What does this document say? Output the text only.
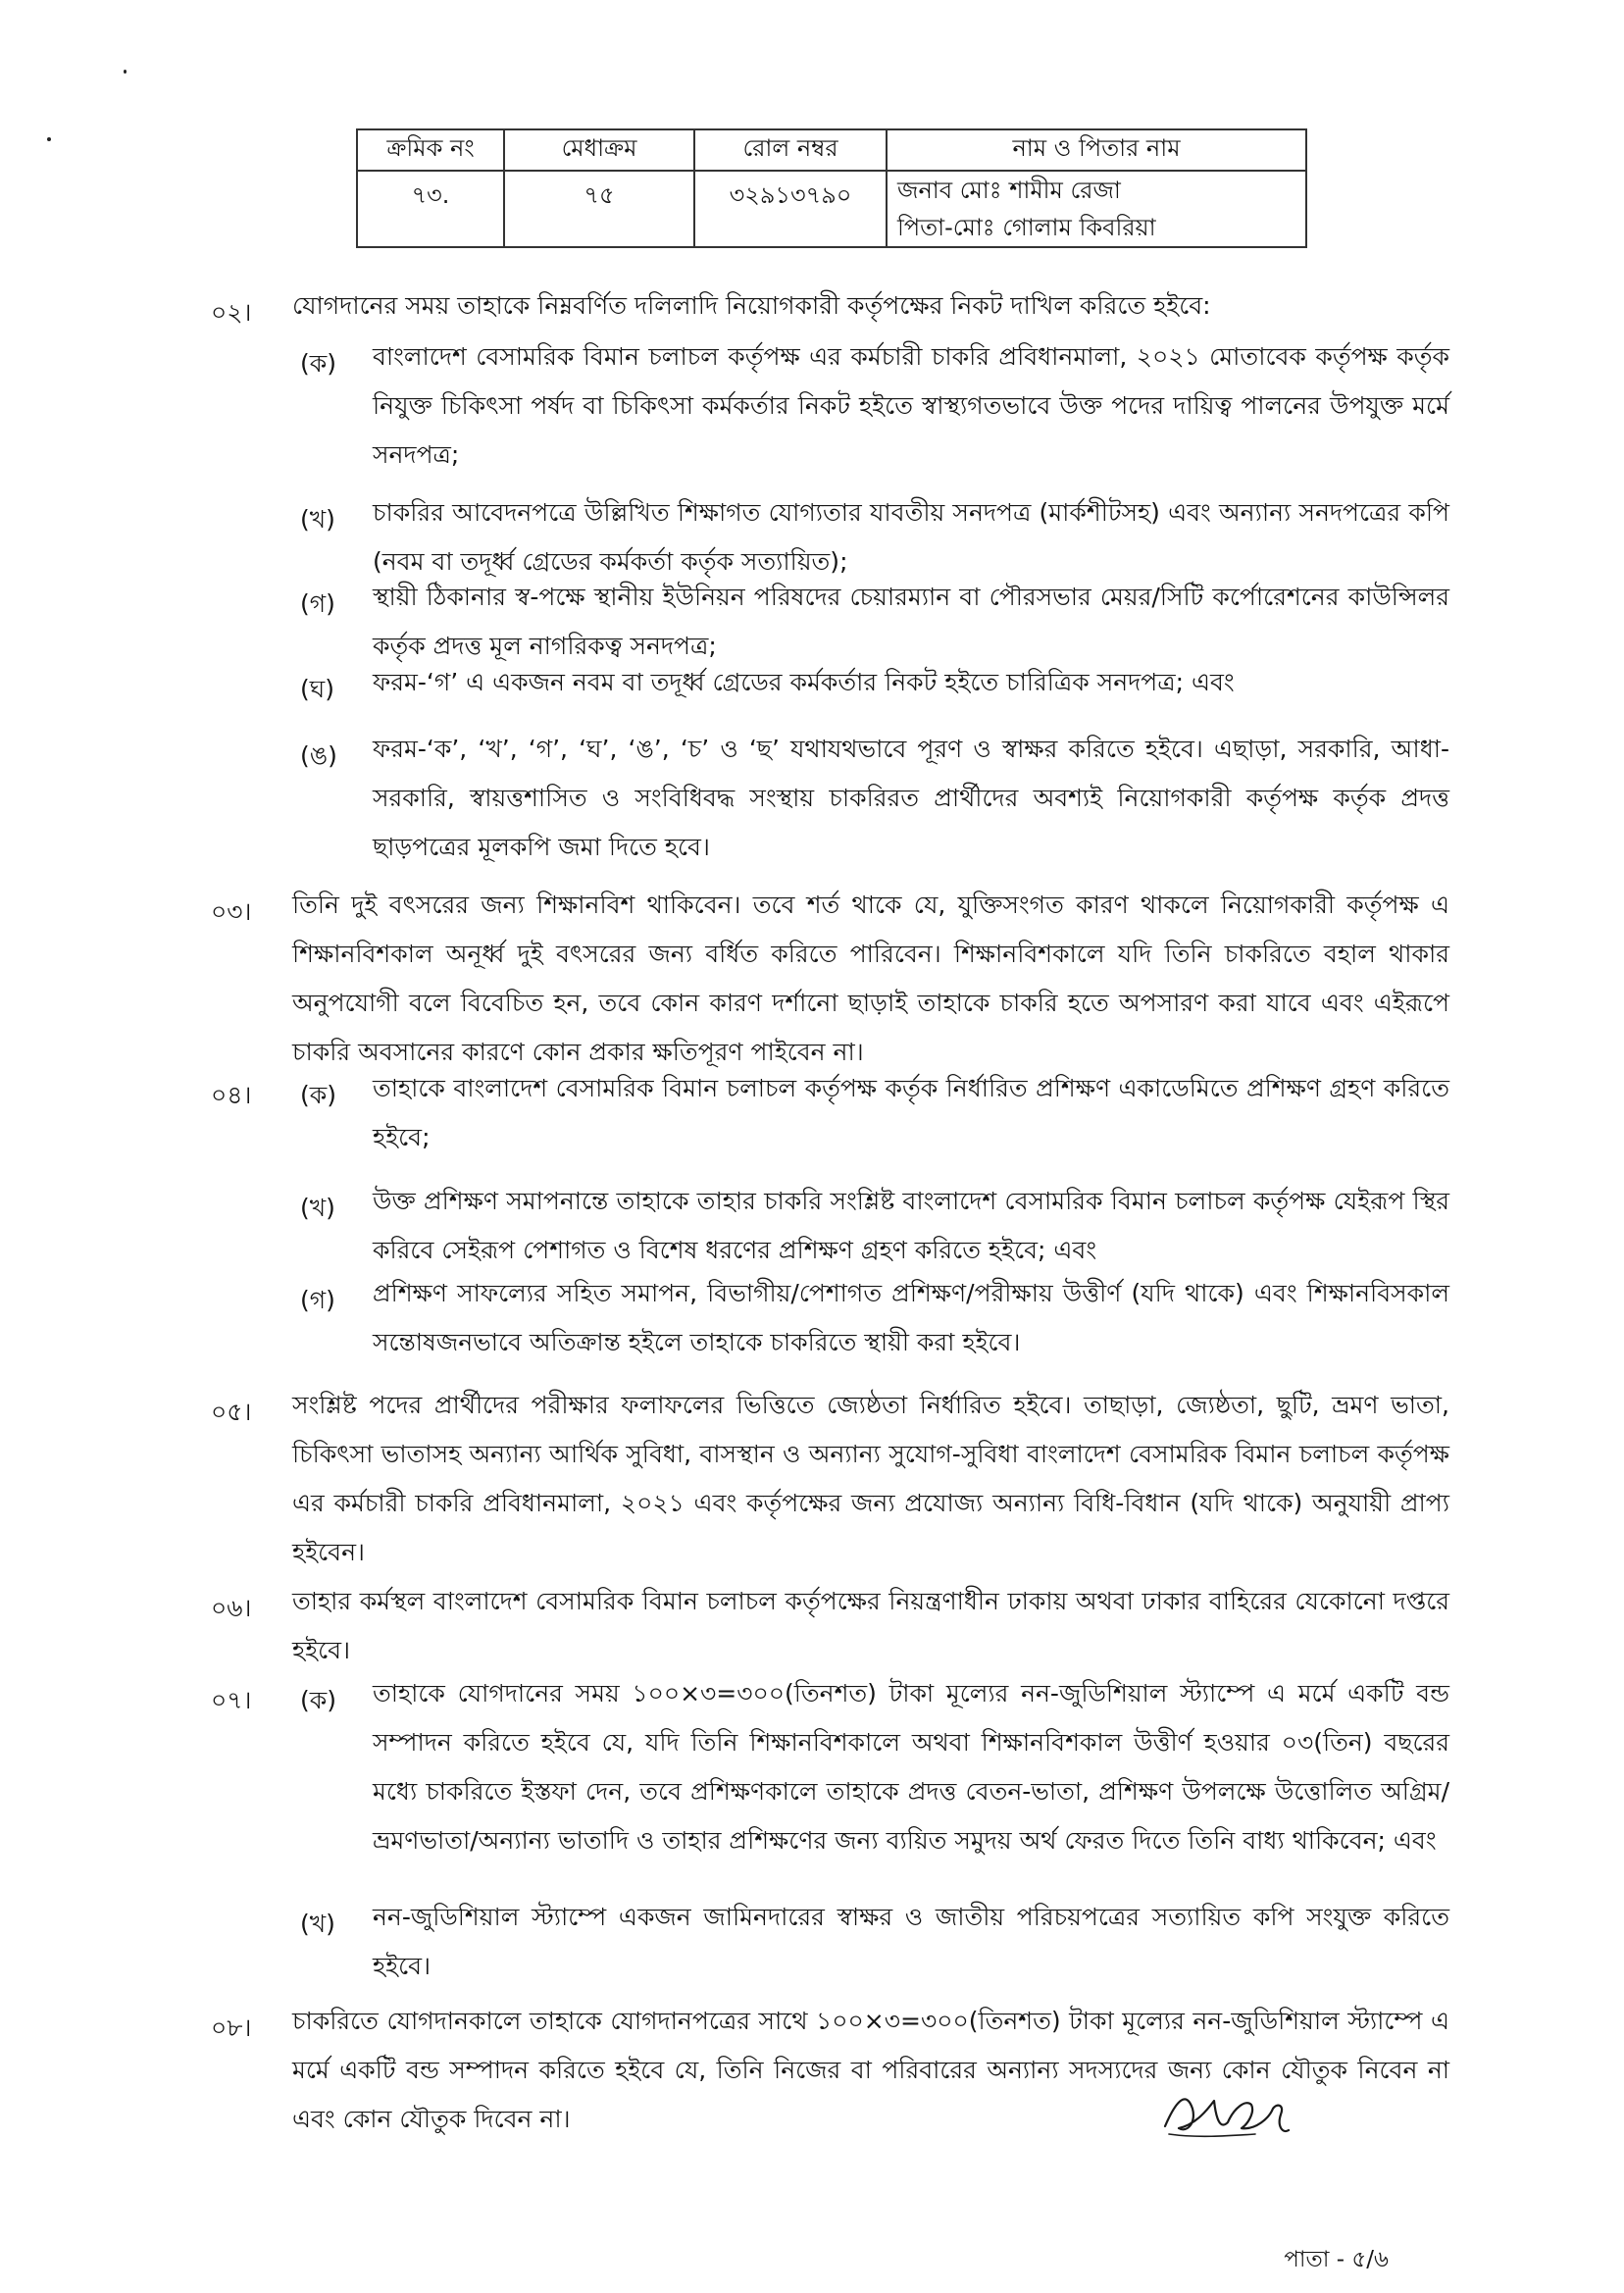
ক্রমিক নং	মেধাক্রম	রোল নম্বর	নাম ও পিতার নাম
৭৩.	৭৫	৩২৯১৩৭৯০	জনাব মোঃ শামীম রেজা
পিতা-মোঃ গোলাম কিবরিয়া
০২। যোগদানের সময় তাহাকে নিম্নবর্ণিত দলিলাদি নিয়োগকারী কর্তৃপক্ষের নিকট দাখিল করিতে হইবে:

(ক) বাংলাদেশ বেসামরিক বিমান চলাচল কর্তৃপক্ষ এর কর্মচারী চাকরি প্রবিধানমালা, ২০২১ মোতাবেক কর্তৃপক্ষ কর্তৃক নিযুক্ত চিকিৎসা পর্ষদ বা চিকিৎসা কর্মকর্তার নিকট হইতে স্বাস্থ্যগতভাবে উক্ত পদের দায়িত্ব পালনের উপযুক্ত মর্মে সনদপত্র;

(খ) চাকরির আবেদনপত্রে উল্লিখিত শিক্ষাগত যোগ্যতার যাবতীয় সনদপত্র (মার্কশীটসহ) এবং অন্যান্য সনদপত্রের কপি (নবম বা তদূর্ধ্ব গ্রেডের কর্মকর্তা কর্তৃক সত্যায়িত);

(গ) স্থায়ী ঠিকানার স্ব-পক্ষে স্থানীয় ইউনিয়ন পরিষদের চেয়ারম্যান বা পৌরসভার মেয়র/সিটি কর্পোরেশনের কাউন্সিলর কর্তৃক প্রদত্ত মূল নাগরিকত্ব সনদপত্র;

(ঘ) ফরম-‘গ’ এ একজন নবম বা তদূর্ধ্ব গ্রেডের কর্মকর্তার নিকট হইতে চারিত্রিক সনদপত্র; এবং

(ঙ) ফরম-‘ক’, ‘খ’, ‘গ’, ‘ঘ’, ‘ঙ’, ‘চ’ ও ‘ছ’ যথাযথভাবে পূরণ ও স্বাক্ষর করিতে হইবে। এছাড়া, সরকারি, আধা-সরকারি, স্বায়ত্তশাসিত ও সংবিধিবদ্ধ সংস্থায় চাকরিরত প্রার্থীদের অবশ্যই নিয়োগকারী কর্তৃপক্ষ কর্তৃক প্রদত্ত ছাড়পত্রের মূলকপি জমা দিতে হবে।

০৩। তিনি দুই বৎসরের জন্য শিক্ষানবিশ থাকিবেন। তবে শর্ত থাকে যে, যুক্তিসংগত কারণ থাকলে নিয়োগকারী কর্তৃপক্ষ এ শিক্ষানবিশকাল অনূর্ধ্ব দুই বৎসরের জন্য বর্ধিত করিতে পারিবেন। শিক্ষানবিশকালে যদি তিনি চাকরিতে বহাল থাকার অনুপযোগী বলে বিবেচিত হন, তবে কোন কারণ দর্শানো ছাড়াই তাহাকে চাকরি হতে অপসারণ করা যাবে এবং এইরূপে চাকরি অবসানের কারণে কোন প্রকার ক্ষতিপূরণ পাইবেন না।

০৪। (ক) তাহাকে বাংলাদেশ বেসামরিক বিমান চলাচল কর্তৃপক্ষ কর্তৃক নির্ধারিত প্রশিক্ষণ একাডেমিতে প্রশিক্ষণ গ্রহণ করিতে হইবে;

(খ) উক্ত প্রশিক্ষণ সমাপনান্তে তাহাকে তাহার চাকরি সংশ্লিষ্ট বাংলাদেশ বেসামরিক বিমান চলাচল কর্তৃপক্ষ যেইরূপ স্থির করিবে সেইরূপ পেশাগত ও বিশেষ ধরণের প্রশিক্ষণ গ্রহণ করিতে হইবে; এবং

(গ) প্রশিক্ষণ সাফল্যের সহিত সমাপন, বিভাগীয়/পেশাগত প্রশিক্ষণ/পরীক্ষায় উত্তীর্ণ (যদি থাকে) এবং শিক্ষানবিসকাল সন্তোষজনভাবে অতিক্রান্ত হইলে তাহাকে চাকরিতে স্থায়ী করা হইবে।

০৫। সংশ্লিষ্ট পদের প্রার্থীদের পরীক্ষার ফলাফলের ভিত্তিতে জ্যেষ্ঠতা নির্ধারিত হইবে। তাছাড়া, জ্যেষ্ঠতা, ছুটি, ভ্রমণ ভাতা, চিকিৎসা ভাতাসহ অন্যান্য আর্থিক সুবিধা, বাসস্থান ও অন্যান্য সুযোগ-সুবিধা বাংলাদেশ বেসামরিক বিমান চলাচল কর্তৃপক্ষ এর কর্মচারী চাকরি প্রবিধানমালা, ২০২১ এবং কর্তৃপক্ষের জন্য প্রযোজ্য অন্যান্য বিধি-বিধান (যদি থাকে) অনুযায়ী প্রাপ্য হইবেন।

০৬। তাহার কর্মস্থল বাংলাদেশ বেসামরিক বিমান চলাচল কর্তৃপক্ষের নিয়ন্ত্রণাধীন ঢাকায় অথবা ঢাকার বাহিরের যেকোনো দপ্তরে হইবে।

০৭। (ক) তাহাকে যোগদানের সময় ১০০×৩=৩০০(তিনশত) টাকা মূল্যের নন-জুডিশিয়াল স্ট্যাম্পে এ মর্মে একটি বন্ড সম্পাদন করিতে হইবে যে, যদি তিনি শিক্ষানবিশকালে অথবা শিক্ষানবিশকাল উত্তীর্ণ হওয়ার ০৩(তিন) বছরের মধ্যে চাকরিতে ইস্তফা দেন, তবে প্রশিক্ষণকালে তাহাকে প্রদত্ত বেতন-ভাতা, প্রশিক্ষণ উপলক্ষে উত্তোলিত অগ্রিম/ভ্রমণভাতা/অন্যান্য ভাতাদি ও তাহার প্রশিক্ষণের জন্য ব্যয়িত সমুদয় অর্থ ফেরত দিতে তিনি বাধ্য থাকিবেন; এবং

(খ) নন-জুডিশিয়াল স্ট্যাম্পে একজন জামিনদারের স্বাক্ষর ও জাতীয় পরিচয়পত্রের সত্যায়িত কপি সংযুক্ত করিতে হইবে।

০৮। চাকরিতে যোগদানকালে তাহাকে যোগদানপত্রের সাথে ১০০×৩=৩০০(তিনশত) টাকা মূল্যের নন-জুডিশিয়াল স্ট্যাম্পে এ মর্মে একটি বন্ড সম্পাদন করিতে হইবে যে, তিনি নিজের বা পরিবারের অন্যান্য সদস্যদের জন্য কোন যৌতুক নিবেন না এবং কোন যৌতুক দিবেন না।

পাতা - ৫/৬
